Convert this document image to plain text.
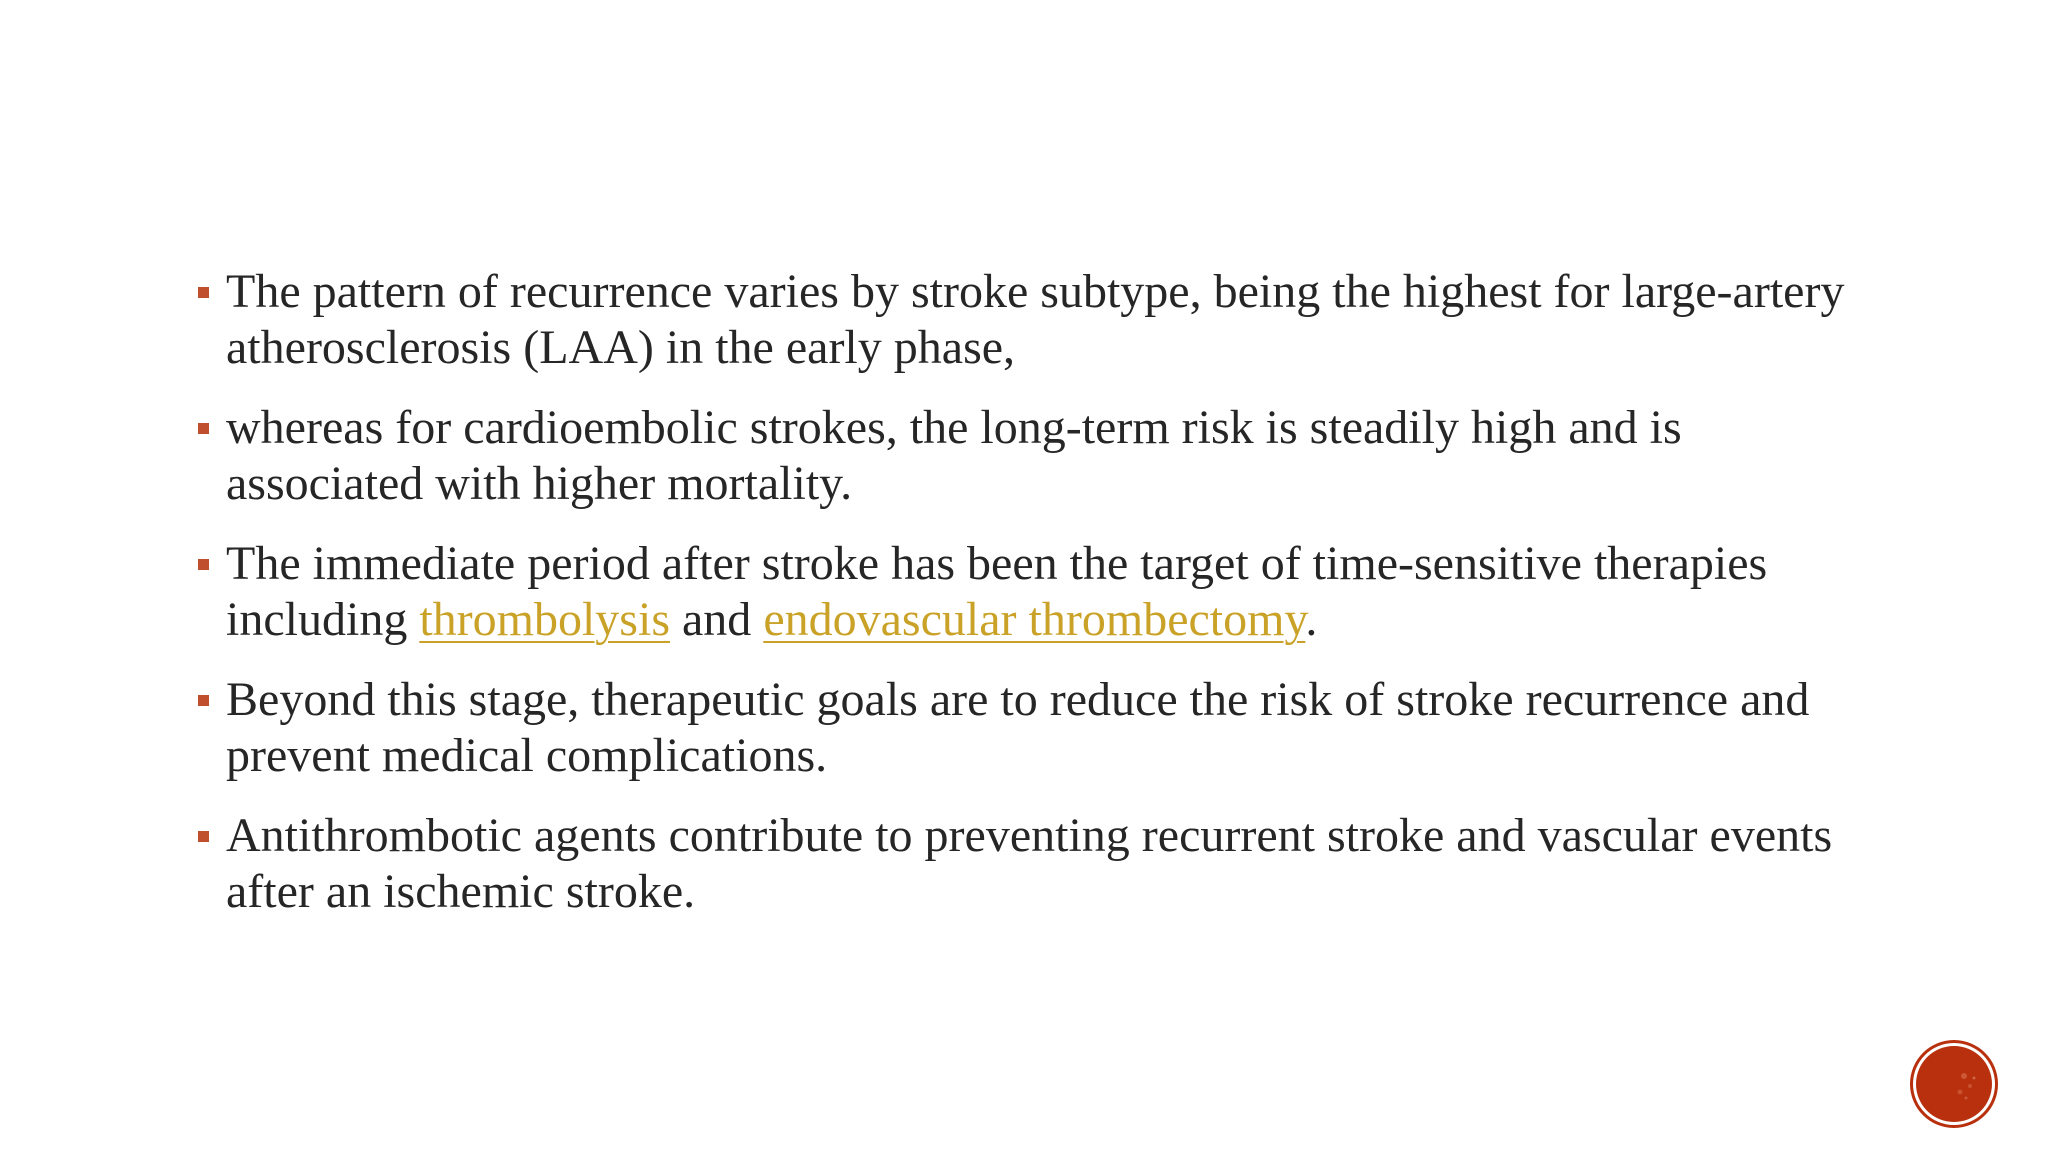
The pattern of recurrence varies by stroke subtype, being the highest for large-artery atherosclerosis (LAA) in the early phase,
whereas for cardioembolic strokes, the long-term risk is steadily high and is associated with higher mortality.
The immediate period after stroke has been the target of time-sensitive therapies including thrombolysis and endovascular thrombectomy.
Beyond this stage, therapeutic goals are to reduce the risk of stroke recurrence and prevent medical complications.
Antithrombotic agents contribute to preventing recurrent stroke and vascular events after an ischemic stroke.
